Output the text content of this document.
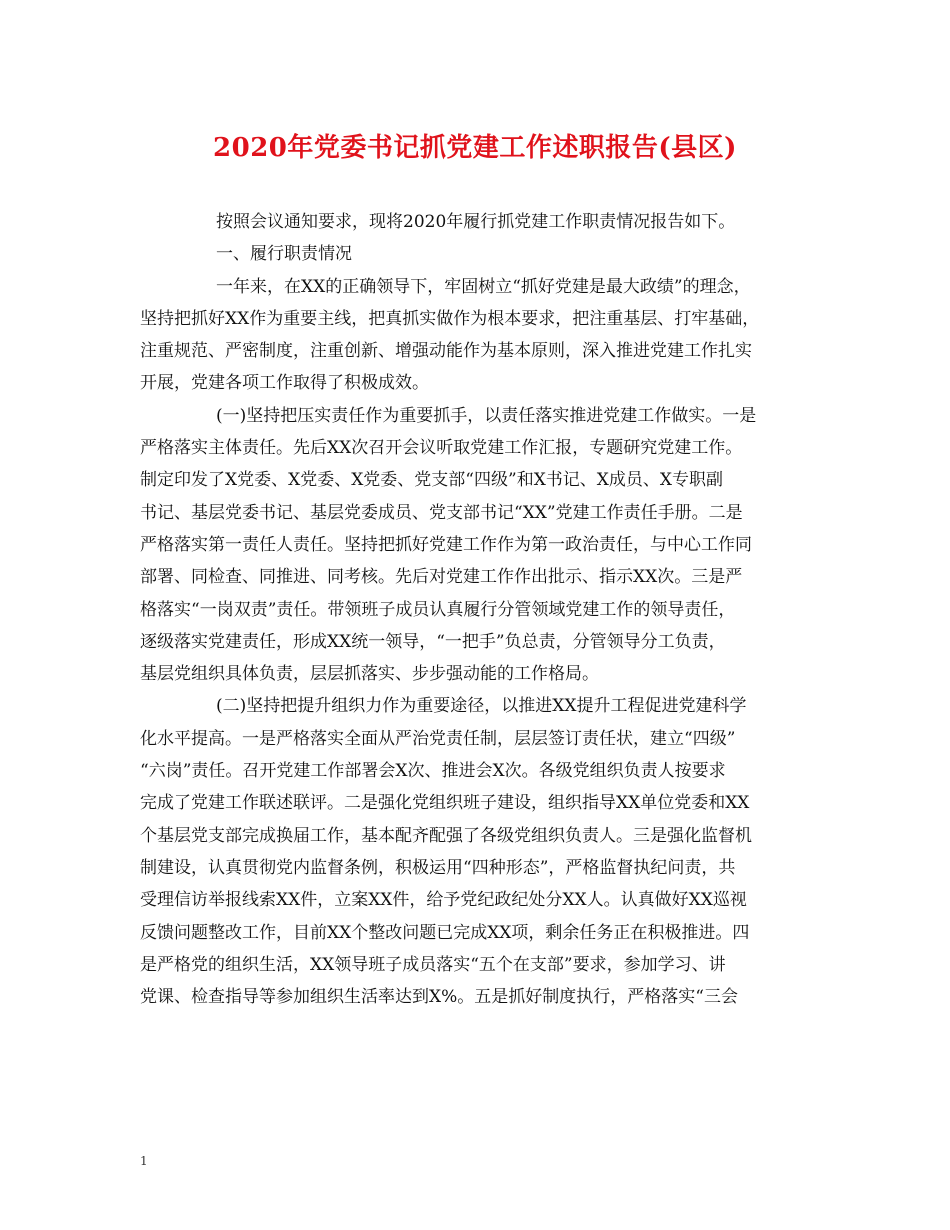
2020年党委书记抓党建工作述职报告(县区)
按照会议通知要求，现将2020年履行抓党建工作职责情况报告如下。
一、履行职责情况
一年来，在XX的正确领导下，牢固树立“抓好党建是最大政绩”的理念，
坚持把抓好XX作为重要主线，把真抓实做作为根本要求，把注重基层、打牢基础，
注重规范、严密制度，注重创新、增强动能作为基本原则，深入推进党建工作扎实
开展，党建各项工作取得了积极成效。
(一)坚持把压实责任作为重要抓手，以责任落实推进党建工作做实。一是
严格落实主体责任。先后XX次召开会议听取党建工作汇报，专题研究党建工作。
制定印发了X党委、X党委、X党委、党支部“四级”和X书记、X成员、X专职副
书记、基层党委书记、基层党委成员、党支部书记“XX”党建工作责任手册。二是
严格落实第一责任人责任。坚持把抓好党建工作作为第一政治责任，与中心工作同
部署、同检查、同推进、同考核。先后对党建工作作出批示、指示XX次。三是严
格落实“一岗双责”责任。带领班子成员认真履行分管领域党建工作的领导责任，
逐级落实党建责任，形成XX统一领导，“一把手”负总责，分管领导分工负责，
基层党组织具体负责，层层抓落实、步步强动能的工作格局。
(二)坚持把提升组织力作为重要途径，以推进XX提升工程促进党建科学
化水平提高。一是严格落实全面从严治党责任制，层层签订责任状，建立“四级”
“六岗”责任。召开党建工作部署会X次、推进会X次。各级党组织负责人按要求
完成了党建工作联述联评。二是强化党组织班子建设，组织指导XX单位党委和XX
个基层党支部完成换届工作，基本配齐配强了各级党组织负责人。三是强化监督机
制建设，认真贯彻党内监督条例，积极运用“四种形态”，严格监督执纪问责，共
受理信访举报线索XX件，立案XX件，给予党纪政纪处分XX人。认真做好XX巡视
反馈问题整改工作，目前XX个整改问题已完成XX项，剩余任务正在积极推进。四
是严格党的组织生活，XX领导班子成员落实“五个在支部”要求，参加学习、讲
党课、检查指导等参加组织生活率达到X%。五是抓好制度执行，严格落实“三会
1
